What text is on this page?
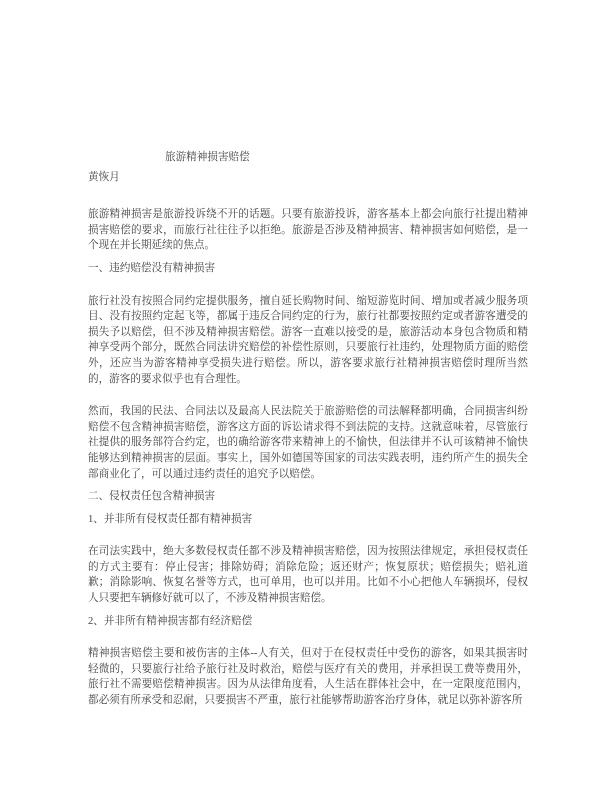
旅游精神损害赔偿
黄恢月
旅游精神损害是旅游投诉绕不开的话题。只要有旅游投诉，游客基本上都会向旅行社提出精神损害赔偿的要求，而旅行社往往予以拒绝。旅游是否涉及精神损害、精神损害如何赔偿，是一个现在并长期延续的焦点。
一、违约赔偿没有精神损害
旅行社没有按照合同约定提供服务，擅自延长购物时间、缩短游览时间、增加或者减少服务项目、没有按照约定起飞等，都属于违反合同约定的行为，旅行社都要按照约定或者游客遭受的损失予以赔偿，但不涉及精神损害赔偿。游客一直难以接受的是，旅游活动本身包含物质和精神享受两个部分，既然合同法讲究赔偿的补偿性原则，只要旅行社违约，处理物质方面的赔偿外，还应当为游客精神享受损失进行赔偿。所以，游客要求旅行社精神损害赔偿时理所当然的，游客的要求似乎也有合理性。
然而，我国的民法、合同法以及最高人民法院关于旅游赔偿的司法解释都明确，合同损害纠纷赔偿不包含精神损害赔偿，游客这方面的诉讼请求得不到法院的支持。这就意味着，尽管旅行社提供的服务部符合约定，也的确给游客带来精神上的不愉快，但法律并不认可该精神不愉快能够达到精神损害的层面。事实上，国外如德国等国家的司法实践表明，违约所产生的损失全部商业化了，可以通过违约责任的追究予以赔偿。
二、侵权责任包含精神损害
1、并非所有侵权责任都有精神损害
在司法实践中，绝大多数侵权责任都不涉及精神损害赔偿，因为按照法律规定，承担侵权责任的方式主要有：停止侵害；排除妨碍；消除危险；返还财产；恢复原状；赔偿损失；赔礼道歉；消除影响、恢复名誉等方式，也可单用，也可以并用。比如不小心把他人车辆损坏，侵权人只要把车辆修好就可以了，不涉及精神损害赔偿。
2、并非所有精神损害都有经济赔偿
精神损害赔偿主要和被伤害的主体--人有关，但对于在侵权责任中受伤的游客，如果其损害时轻微的，只要旅行社给予旅行社及时救治，赔偿与医疗有关的费用，并承担误工费等费用外，旅行社不需要赔偿精神损害。因为从法律角度看，人生活在群体社会中，在一定限度范围内，都必须有所承受和忍耐，只要损害不严重，旅行社能够帮助游客治疗身体，就足以弥补游客所
